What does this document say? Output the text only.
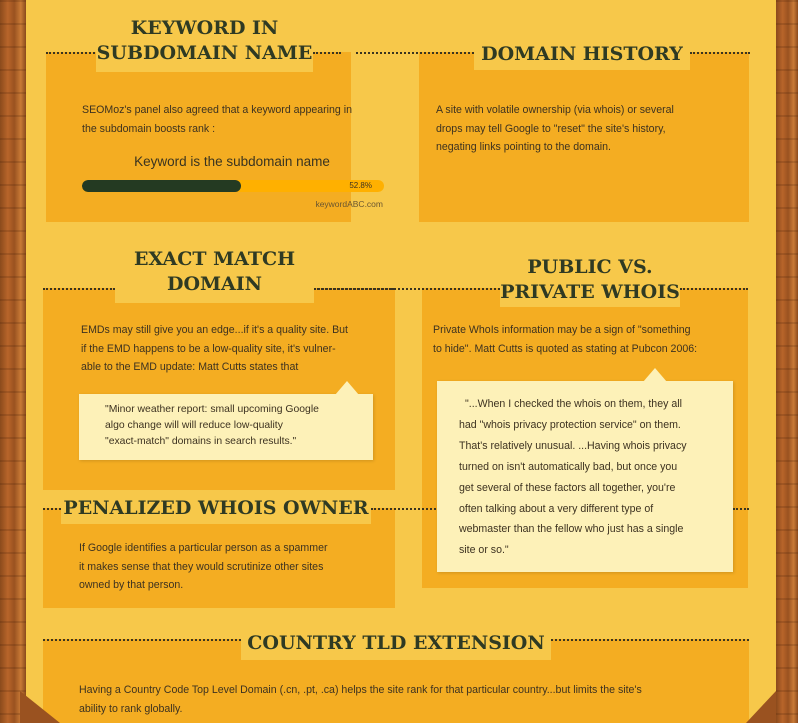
KEYWORD IN
SUBDOMAIN NAME
SEOMoz's panel also agreed that a keyword appearing in
the subdomain boosts rank :
Keyword is the subdomain name
52.8%
keywordABC.com
DOMAIN HISTORY
A site with volatile ownership (via whois) or several
drops may tell Google to "reset" the site's history,
negating links pointing to the domain.
EXACT MATCH
DOMAIN
EMDs may still give you an edge...if it's a quality site. But
if the EMD happens to be a low-quality site, it's vulner-
able to the EMD update: Matt Cutts states that
"Minor weather report: small upcoming Google
algo change will will reduce low-quality
"exact-match" domains in search results."
PUBLIC VS.
PRIVATE WHOIS
Private WhoIs information may be a sign of "something
to hide". Matt Cutts is quoted as stating at Pubcon 2006:
"...When I checked the whois on them, they all
had "whois privacy protection service" on them.
That's relatively unusual. ...Having whois privacy
turned on isn't automatically bad, but once you
get several of these factors all together, you're
often talking about a very different type of
webmaster than the fellow who just has a single
site or so."
PENALIZED WHOIS OWNER
If Google identifies a particular person as a spammer
it makes sense that they would scrutinize other sites
owned by that person.
COUNTRY TLD EXTENSION
Having a Country Code Top Level Domain (.cn, .pt, .ca) helps the site rank for that particular country...but limits the site's
ability to rank globally.
